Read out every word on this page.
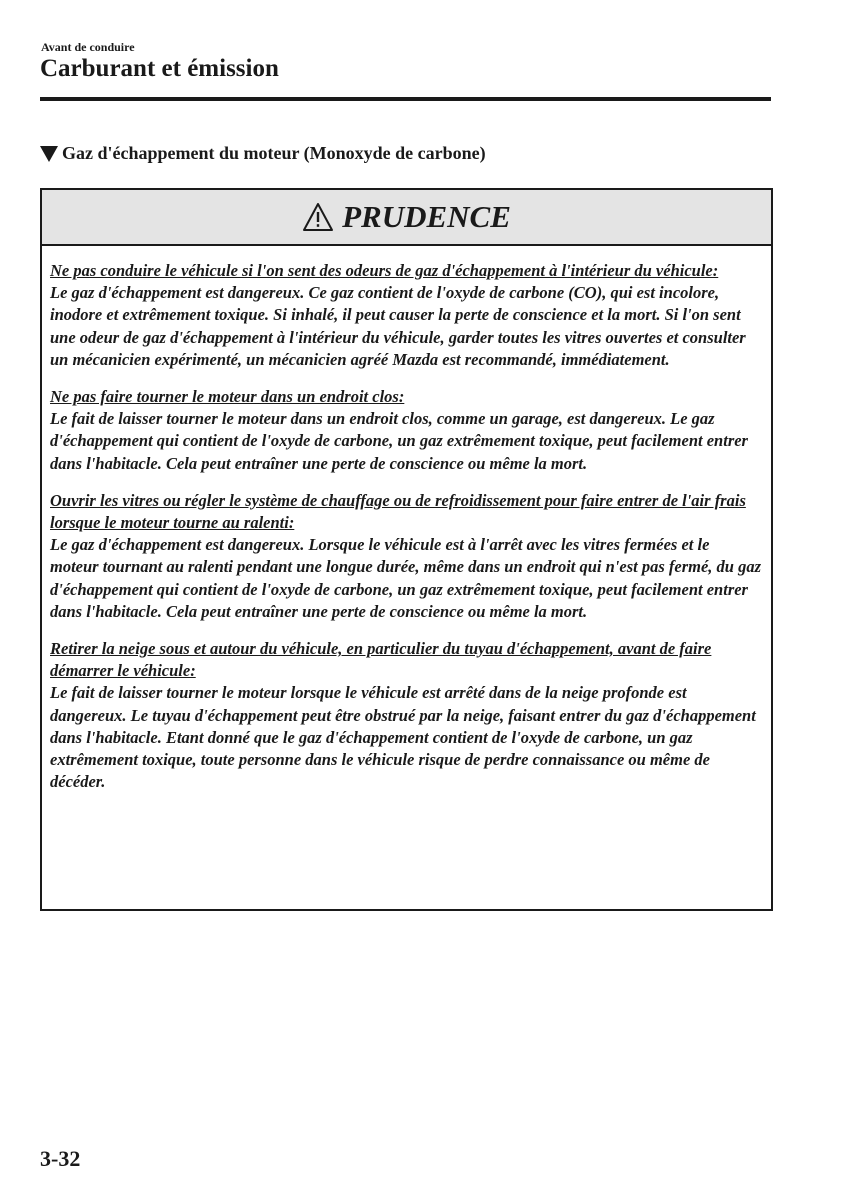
Avant de conduire
Carburant et émission
Gaz d'échappement du moteur (Monoxyde de carbone)
PRUDENCE
Ne pas conduire le véhicule si l'on sent des odeurs de gaz d'échappement à l'intérieur du véhicule:
Le gaz d'échappement est dangereux. Ce gaz contient de l'oxyde de carbone (CO), qui est incolore, inodore et extrêmement toxique. Si inhalé, il peut causer la perte de conscience et la mort. Si l'on sent une odeur de gaz d'échappement à l'intérieur du véhicule, garder toutes les vitres ouvertes et consulter un mécanicien expérimenté, un mécanicien agréé Mazda est recommandé, immédiatement.
Ne pas faire tourner le moteur dans un endroit clos:
Le fait de laisser tourner le moteur dans un endroit clos, comme un garage, est dangereux. Le gaz d'échappement qui contient de l'oxyde de carbone, un gaz extrêmement toxique, peut facilement entrer dans l'habitacle. Cela peut entraîner une perte de conscience ou même la mort.
Ouvrir les vitres ou régler le système de chauffage ou de refroidissement pour faire entrer de l'air frais lorsque le moteur tourne au ralenti:
Le gaz d'échappement est dangereux. Lorsque le véhicule est à l'arrêt avec les vitres fermées et le moteur tournant au ralenti pendant une longue durée, même dans un endroit qui n'est pas fermé, du gaz d'échappement qui contient de l'oxyde de carbone, un gaz extrêmement toxique, peut facilement entrer dans l'habitacle. Cela peut entraîner une perte de conscience ou même la mort.
Retirer la neige sous et autour du véhicule, en particulier du tuyau d'échappement, avant de faire démarrer le véhicule:
Le fait de laisser tourner le moteur lorsque le véhicule est arrêté dans de la neige profonde est dangereux. Le tuyau d'échappement peut être obstrué par la neige, faisant entrer du gaz d'échappement dans l'habitacle. Etant donné que le gaz d'échappement contient de l'oxyde de carbone, un gaz extrêmement toxique, toute personne dans le véhicule risque de perdre connaissance ou même de décéder.
3-32
